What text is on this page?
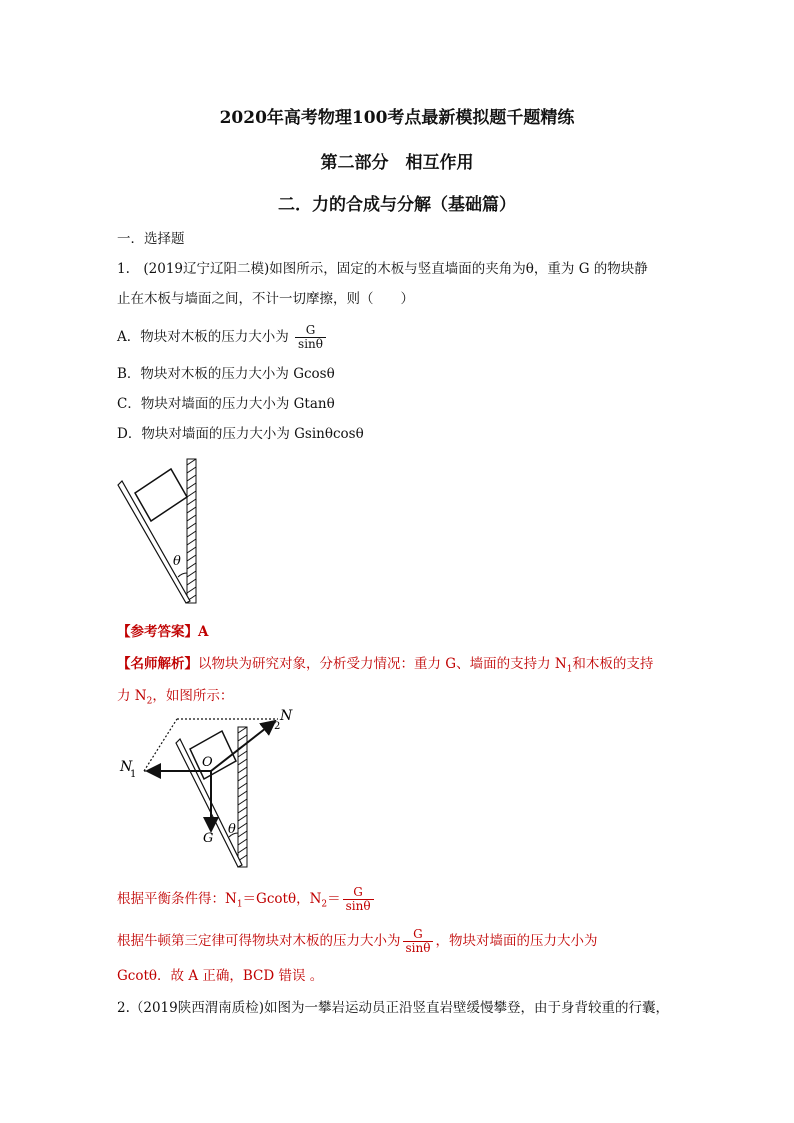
2020年高考物理100考点最新模拟题千题精练
第二部分　相互作用
二．力的合成与分解（基础篇）
一．选择题
1.　(2019辽宁辽阳二模)如图所示，固定的木板与竖直墙面的夹角为θ，重为 G 的物块静
止在木板与墙面之间，不计一切摩擦，则（　　）
A．物块对木板的压力大小为 $\frac{G}{\sin\theta}$
B．物块对木板的压力大小为 Gcosθ
C．物块对墙面的压力大小为 Gtanθ
D．物块对墙面的压力大小为 Gsinθcosθ
θ
【参考答案】A
【名师解析】以物块为研究对象，分析受力情况：重力 G、墙面的支持力 $N_1$和木板的支持
力 $N_2$，如图所示：
N
1
N
2
O
G
θ
根据平衡条件得：$N_1=Gcot\theta$，$N_2= \frac{G}{\sin\theta}$
根据牛顿第三定律可得物块对木板的压力大小为 $\frac{G}{\sin\theta}$ ，物块对墙面的压力大小为
Gcotθ．故 A 正确，BCD 错误 。
2.（2019陕西渭南质检)如图为一攀岩运动员正沿竖直岩壁缓慢攀登，由于身背较重的行囊，
